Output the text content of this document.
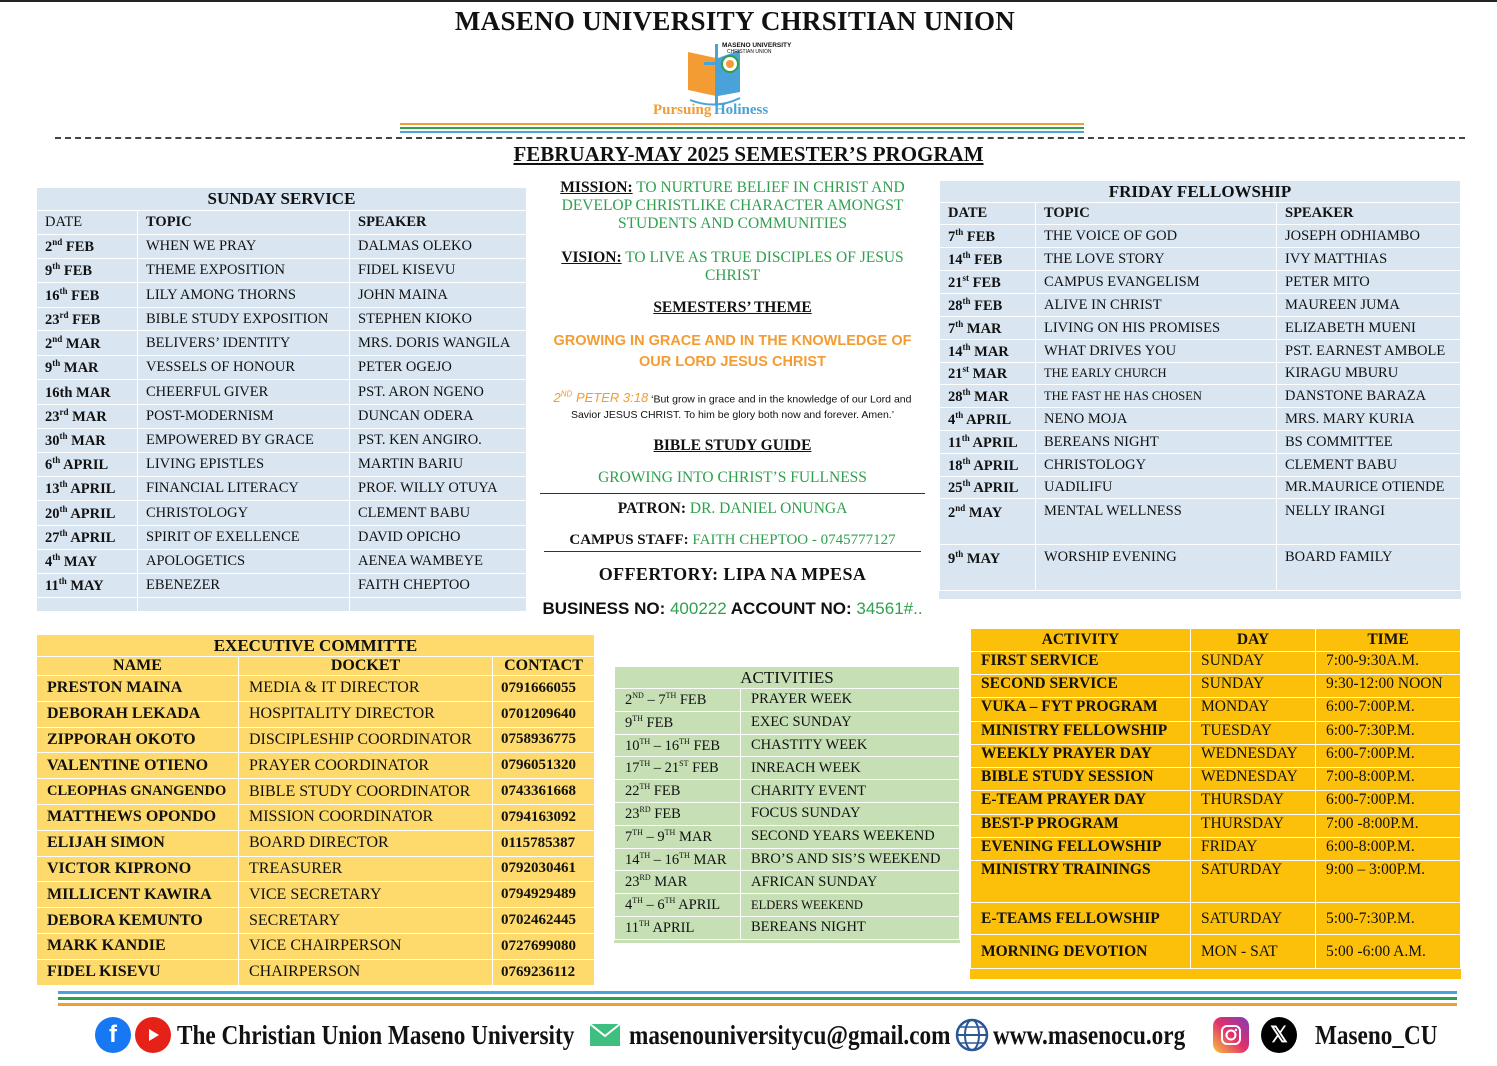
MASENO UNIVERSITY CHRSITIAN UNION
MASENO UNIVERSITY
CHRISTIAN UNION
Pursuing Holiness
FEBRUARY-MAY 2025 SEMESTER’S PROGRAM
SUNDAY SERVICE		
DATE	TOPIC	SPEAKER
2nd FEB	WHEN WE PRAY	DALMAS OLEKO
9th FEB	THEME EXPOSITION	FIDEL KISEVU
16th FEB	LILY AMONG THORNS	JOHN MAINA
23rd FEB	BIBLE STUDY EXPOSITION	STEPHEN KIOKO
2nd MAR	BELIVERS’ IDENTITY	MRS. DORIS WANGILA
9th MAR	VESSELS OF HONOUR	PETER OGEJO
16th MAR	CHEERFUL GIVER	PST. ARON NGENO
23rd MAR	POST-MODERNISM	DUNCAN ODERA
30th MAR	EMPOWERED BY GRACE	PST. KEN ANGIRO.
6th APRIL	LIVING EPISTLES	MARTIN BARIU
13th APRIL	FINANCIAL LITERACY	PROF. WILLY OTUYA
20th APRIL	CHRISTOLOGY	CLEMENT BABU
27th APRIL	SPIRIT OF EXELLENCE	DAVID OPICHO
4th MAY	APOLOGETICS	AENEA WAMBEYE
11th MAY	EBENEZER	FAITH CHEPTOO

FRIDAY FELLOWSHIP		
DATE	TOPIC	SPEAKER
7th FEB	THE VOICE OF GOD	JOSEPH ODHIAMBO
14th FEB	THE LOVE STORY	IVY MATTHIAS
21st FEB	CAMPUS EVANGELISM	PETER MITO
28th FEB	ALIVE IN CHRIST	MAUREEN JUMA
7th MAR	LIVING ON HIS PROMISES	ELIZABETH MUENI
14th MAR	WHAT DRIVES YOU	PST. EARNEST AMBOLE
21st MAR	THE EARLY CHURCH	KIRAGU MBURU
28th MAR	THE FAST HE HAS CHOSEN	DANSTONE BARAZA
4th APRIL	NENO MOJA	MRS. MARY KURIA
11th APRIL	BEREANS NIGHT	BS COMMITTEE
18th APRIL	CHRISTOLOGY	CLEMENT BABU
25th APRIL	UADILIFU	MR.MAURICE OTIENDE
2nd MAY	MENTAL WELLNESS	NELLY IRANGI
9th MAY	WORSHIP EVENING	BOARD FAMILY
MISSION: TO NURTURE BELIEF IN CHRIST AND DEVELOP CHRISTLIKE CHARACTER AMONGST STUDENTS AND COMMUNITIES
VISION: TO LIVE AS TRUE DISCIPLES OF JESUS CHRIST
SEMESTERS’ THEME
GROWING IN GRACE AND IN THE KNOWLEDGE OF OUR LORD JESUS CHRIST
2ND PETER 3:18 ‘But grow in grace and in the knowledge of our Lord and Savior JESUS CHRIST. To him be glory both now and forever. Amen.’
BIBLE STUDY GUIDE
GROWING INTO CHRIST’S FULLNESS
PATRON: DR. DANIEL ONUNGA
CAMPUS STAFF: FAITH CHEPTOO - 0745777127
OFFERTORY: LIPA NA MPESA
BUSINESS NO: 400222 ACCOUNT NO: 34561#..
EXECUTIVE COMMITTE		
NAME	DOCKET	CONTACT
PRESTON MAINA	MEDIA & IT DIRECTOR	0791666055
DEBORAH LEKADA	HOSPITALITY DIRECTOR	0701209640
ZIPPORAH OKOTO	DISCIPLESHIP COORDINATOR	0758936775
VALENTINE OTIENO	PRAYER COORDINATOR	0796051320
CLEOPHAS GNANGENDO	BIBLE STUDY COORDINATOR	0743361668
MATTHEWS OPONDO	MISSION COORDINATOR	0794163092
ELIJAH SIMON	BOARD DIRECTOR	0115785387
VICTOR KIPRONO	TREASURER	0792030461
MILLICENT KAWIRA	VICE SECRETARY	0794929489
DEBORA KEMUNTO	SECRETARY	0702462445
MARK KANDIE	VICE CHAIRPERSON	0727699080
FIDEL KISEVU	CHAIRPERSON	0769236112
ACTIVITIES	
2ND – 7TH FEB	PRAYER WEEK
9TH FEB	EXEC SUNDAY
10TH – 16TH FEB	CHASTITY WEEK
17TH – 21ST FEB	INREACH WEEK
22TH FEB	CHARITY EVENT
23RD FEB	FOCUS SUNDAY
7TH – 9TH MAR	SECOND YEARS WEEKEND
14TH – 16TH MAR	BRO’S AND SIS’S WEEKEND
23RD MAR	AFRICAN SUNDAY
4TH – 6TH APRIL	ELDERS WEEKEND
11TH APRIL	BEREANS NIGHT
ACTIVITY	DAY	TIME
FIRST SERVICE	SUNDAY	7:00-9:30A.M.
SECOND SERVICE	SUNDAY	9:30-12:00 NOON
VUKA – FYT PROGRAM	MONDAY	6:00-7:00P.M.
MINISTRY FELLOWSHIP	TUESDAY	6:00-7:30P.M.
WEEKLY PRAYER DAY	WEDNESDAY	6:00-7:00P.M.
BIBLE STUDY SESSION	WEDNESDAY	7:00-8:00P.M.
E-TEAM PRAYER DAY	THURSDAY	6:00-7:00P.M.
BEST-P PROGRAM	THURSDAY	7:00 -8:00P.M.
EVENING FELLOWSHIP	FRIDAY	6:00-8:00P.M.
MINISTRY TRAININGS	SATURDAY	9:00 – 3:00P.M.
E-TEAMS FELLOWSHIP	SATURDAY	5:00-7:30P.M.
MORNING DEVOTION	MON - SAT	5:00 -6:00 A.M.
f	The Christian Union Maseno University masenouniversitycu@gmail.com www.masenocu.org	𝕏	Maseno_CU
